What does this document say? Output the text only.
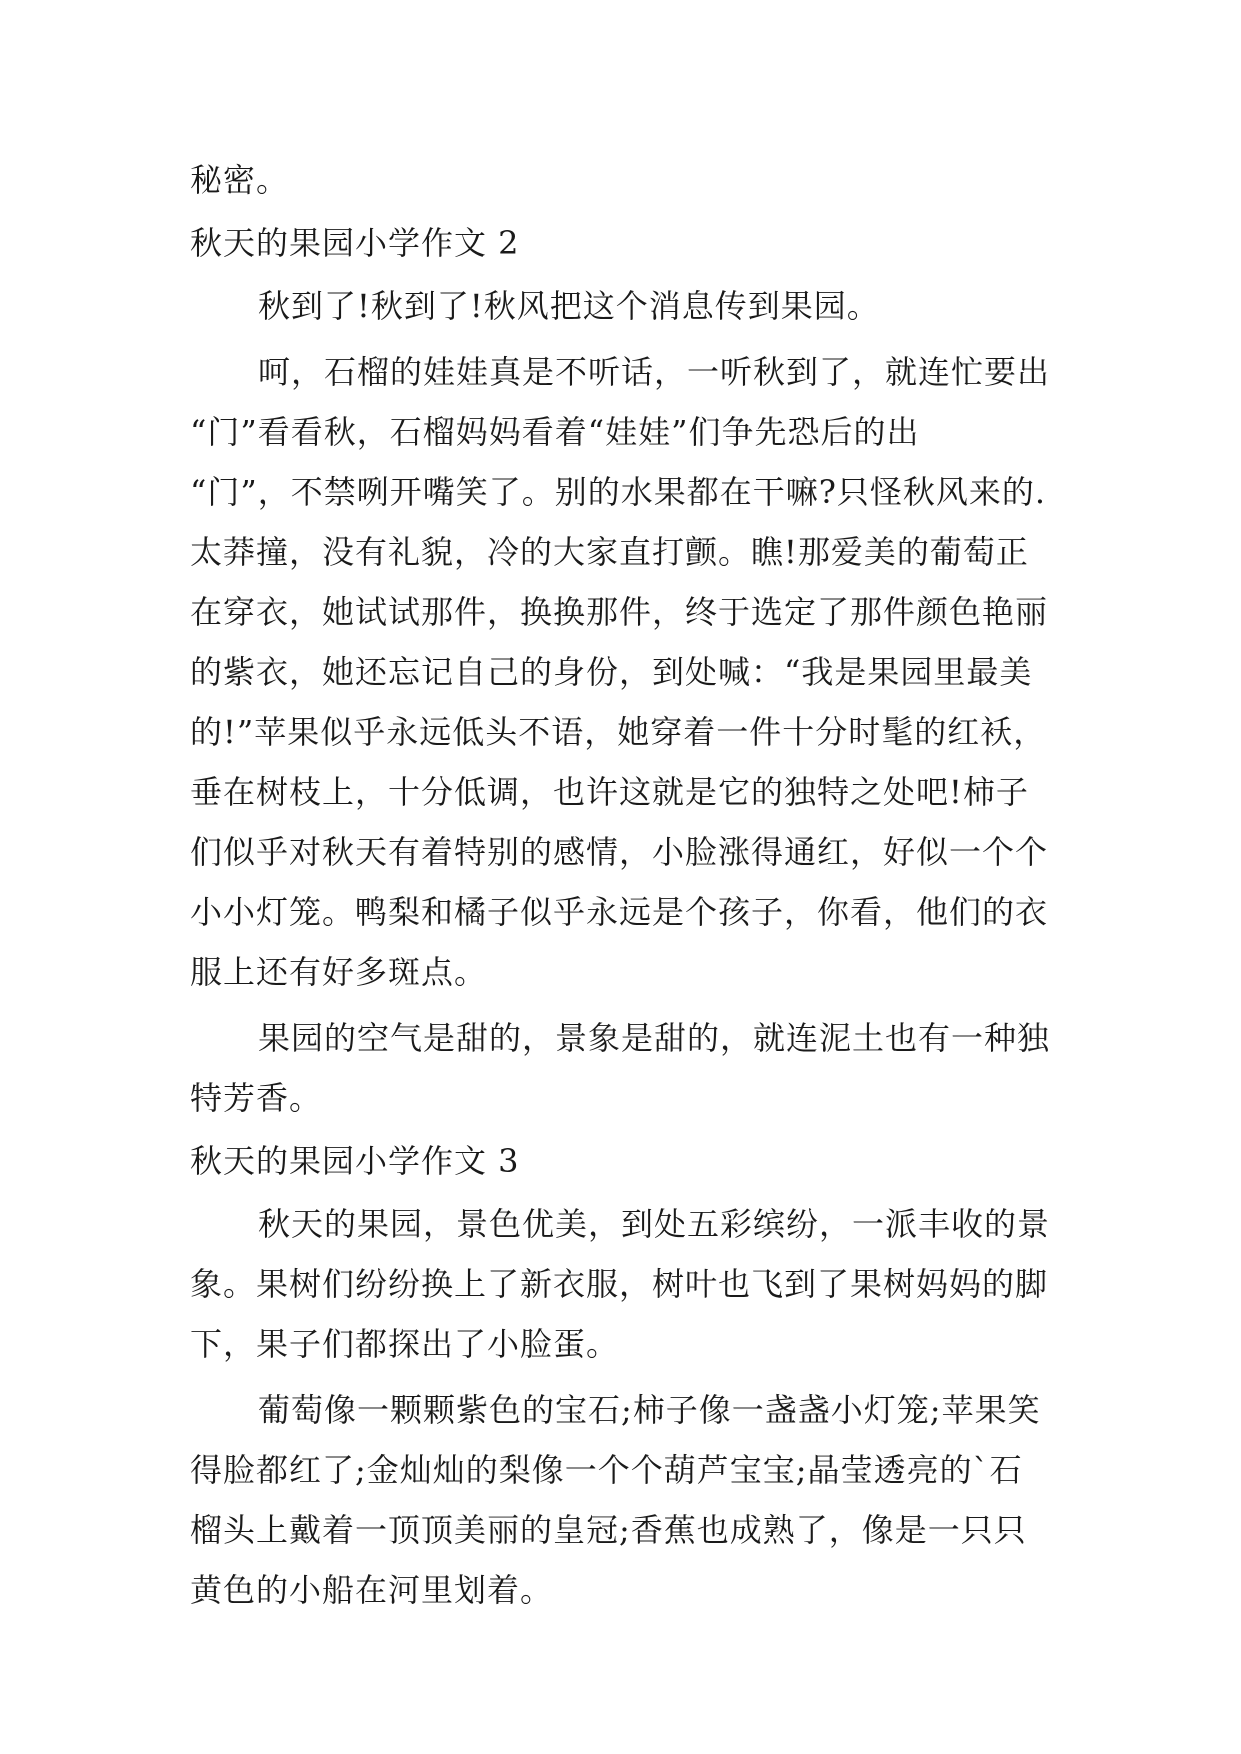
秘密。
秋天的果园小学作文 2
秋到了!秋到了!秋风把这个消息传到果园。
呵，石榴的娃娃真是不听话，一听秋到了，就连忙要出
“门”看看秋，石榴妈妈看着“娃娃”们争先恐后的出
“门”，不禁咧开嘴笑了。别的水果都在干嘛?只怪秋风来的.
太莽撞，没有礼貌，冷的大家直打颤。瞧!那爱美的葡萄正
在穿衣，她试试那件，换换那件，终于选定了那件颜色艳丽
的紫衣，她还忘记自己的身份，到处喊：“我是果园里最美
的!”苹果似乎永远低头不语，她穿着一件十分时髦的红袄，
垂在树枝上，十分低调，也许这就是它的独特之处吧!柿子
们似乎对秋天有着特别的感情，小脸涨得通红，好似一个个
小小灯笼。鸭梨和橘子似乎永远是个孩子，你看，他们的衣
服上还有好多斑点。
果园的空气是甜的，景象是甜的，就连泥土也有一种独
特芳香。
秋天的果园小学作文 3
秋天的果园，景色优美，到处五彩缤纷，一派丰收的景
象。果树们纷纷换上了新衣服，树叶也飞到了果树妈妈的脚
下，果子们都探出了小脸蛋。
葡萄像一颗颗紫色的宝石;柿子像一盏盏小灯笼;苹果笑
得脸都红了;金灿灿的梨像一个个葫芦宝宝;晶莹透亮的`石
榴头上戴着一顶顶美丽的皇冠;香蕉也成熟了，像是一只只
黄色的小船在河里划着。
